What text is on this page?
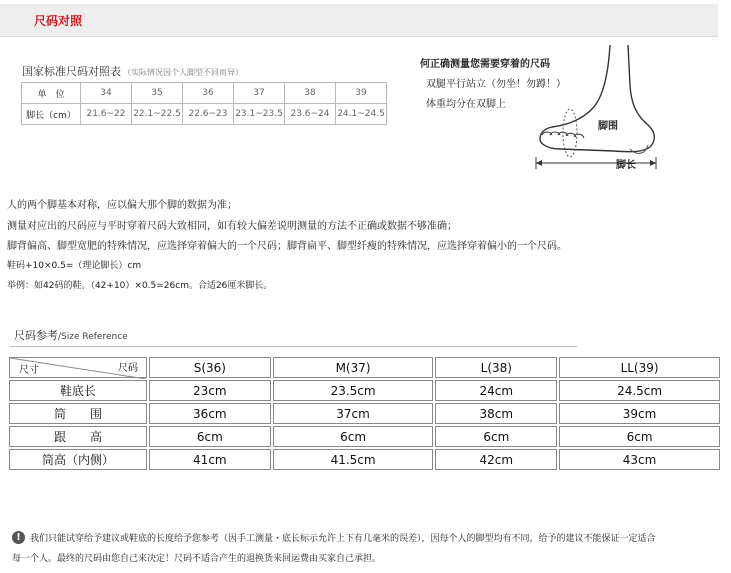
尺码对照
国家标准尺码对照表 （实际情况因个人脚型不同而异）
单　位	34	35	36	37	38	39
脚长（cm）	21.6~22	22.1~22.5	22.6~23	23.1~23.5	23.6~24	24.1~24.5
何正确测量您需要穿着的尺码
双腿平行站立（勿坐！勿蹲！）
体重均分在双脚上
脚围
脚长
人的两个脚基本对称，应以偏大那个脚的数据为准；
测量对应出的尺码应与平时穿着尺码大致相同，如有较大偏差说明测量的方法不正确或数据不够准确；
脚背偏高、脚型宽肥的特殊情况，应选择穿着偏大的一个尺码；脚背扁平、脚型纤瘦的特殊情况，应选择穿着偏小的一个尺码。
鞋码+10×0.5=（理论脚长）cm
举例：如42码的鞋。（42+10）×0.5=26cm。合适26厘米脚长。
尺码参考/Size Reference
尺码
尺寸	S(36)	M(37)	L(38)	LL(39)
鞋底长	23cm	23.5cm	24cm	24.5cm
筒　　围	36cm	37cm	38cm	39cm
跟　　高	6cm	6cm	6cm	6cm
筒高（内侧）	41cm	41.5cm	42cm	43cm
!	我们只能试穿给予建议或鞋底的长度给予您参考（因手工测量・底长标示允许上下有几毫米的误差），因每个人的脚型均有不同，给予的建议不能保证一定适合
每一个人。最终的尺码由您自己来决定！尺码不适合产生的退换货来回运费由买家自己承担。
